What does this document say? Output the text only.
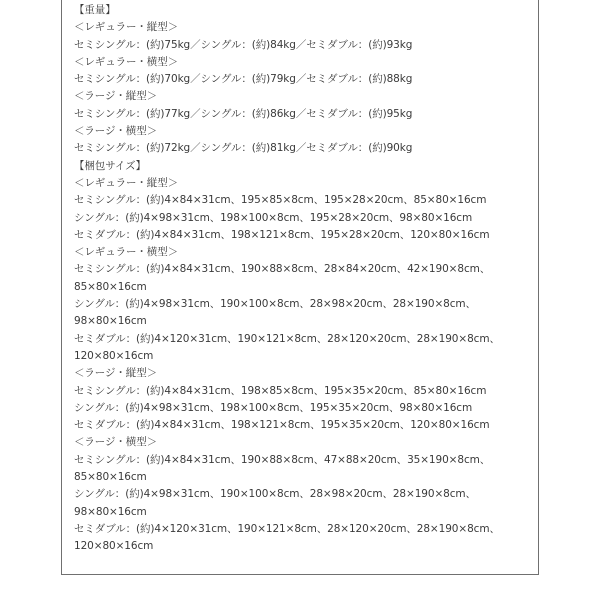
【重量】
＜レギュラー・縦型＞
セミシングル：(約)75kg／シングル：(約)84kg／セミダブル：(約)93kg
＜レギュラー・横型＞
セミシングル：(約)70kg／シングル：(約)79kg／セミダブル：(約)88kg
＜ラージ・縦型＞
セミシングル：(約)77kg／シングル：(約)86kg／セミダブル：(約)95kg
＜ラージ・横型＞
セミシングル：(約)72kg／シングル：(約)81kg／セミダブル：(約)90kg
【梱包サイズ】
＜レギュラー・縦型＞
セミシングル：(約)4×84×31cm、195×85×8cm、195×28×20cm、85×80×16cm
シングル：(約)4×98×31cm、198×100×8cm、195×28×20cm、98×80×16cm
セミダブル：(約)4×84×31cm、198×121×8cm、195×28×20cm、120×80×16cm
＜レギュラー・横型＞
セミシングル：(約)4×84×31cm、190×88×8cm、28×84×20cm、42×190×8cm、
85×80×16cm
シングル：(約)4×98×31cm、190×100×8cm、28×98×20cm、28×190×8cm、
98×80×16cm
セミダブル：(約)4×120×31cm、190×121×8cm、28×120×20cm、28×190×8cm、
120×80×16cm
＜ラージ・縦型＞
セミシングル：(約)4×84×31cm、198×85×8cm、195×35×20cm、85×80×16cm
シングル：(約)4×98×31cm、198×100×8cm、195×35×20cm、98×80×16cm
セミダブル：(約)4×84×31cm、198×121×8cm、195×35×20cm、120×80×16cm
＜ラージ・横型＞
セミシングル：(約)4×84×31cm、190×88×8cm、47×88×20cm、35×190×8cm、
85×80×16cm
シングル：(約)4×98×31cm、190×100×8cm、28×98×20cm、28×190×8cm、
98×80×16cm
セミダブル：(約)4×120×31cm、190×121×8cm、28×120×20cm、28×190×8cm、
120×80×16cm
